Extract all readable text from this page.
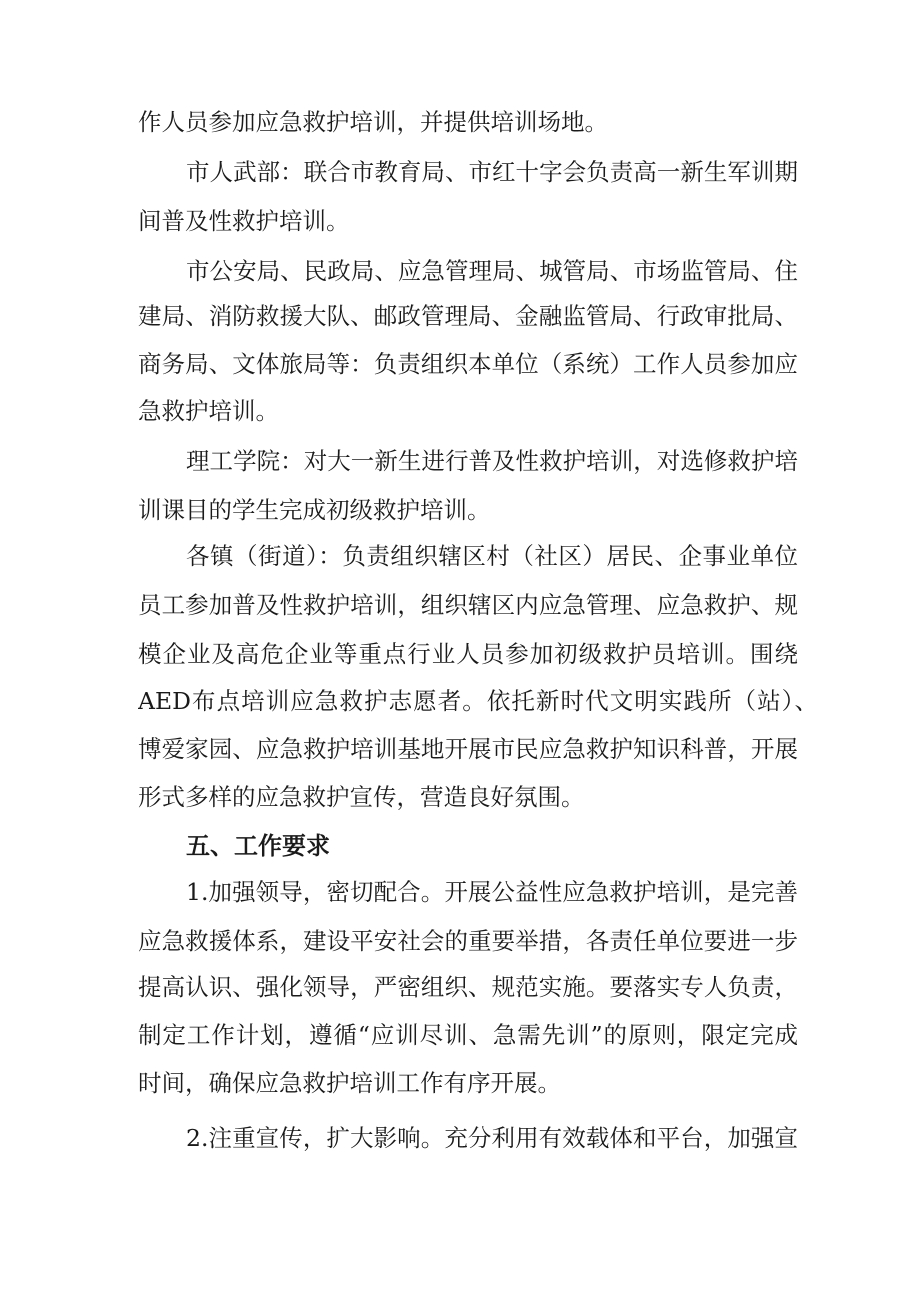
作人员参加应急救护培训，并提供培训场地。
市人武部：联合市教育局、市红十字会负责高一新生军训期
间普及性救护培训。
市公安局、民政局、应急管理局、城管局、市场监管局、住
建局、消防救援大队、邮政管理局、金融监管局、行政审批局、
商务局、文体旅局等：负责组织本单位（系统）工作人员参加应
急救护培训。
理工学院：对大一新生进行普及性救护培训，对选修救护培
训课目的学生完成初级救护培训。
各镇（街道）：负责组织辖区村（社区）居民、企事业单位
员工参加普及性救护培训，组织辖区内应急管理、应急救护、规
模企业及高危企业等重点行业人员参加初级救护员培训。围绕
AED布点培训应急救护志愿者。依托新时代文明实践所（站）、
博爱家园、应急救护培训基地开展市民应急救护知识科普，开展
形式多样的应急救护宣传，营造良好氛围。
五、工作要求
1.加强领导，密切配合。开展公益性应急救护培训，是完善
应急救援体系，建设平安社会的重要举措，各责任单位要进一步
提高认识、强化领导，严密组织、规范实施。要落实专人负责，
制定工作计划，遵循“应训尽训、急需先训”的原则，限定完成
时间，确保应急救护培训工作有序开展。
2.注重宣传，扩大影响。充分利用有效载体和平台，加强宣
